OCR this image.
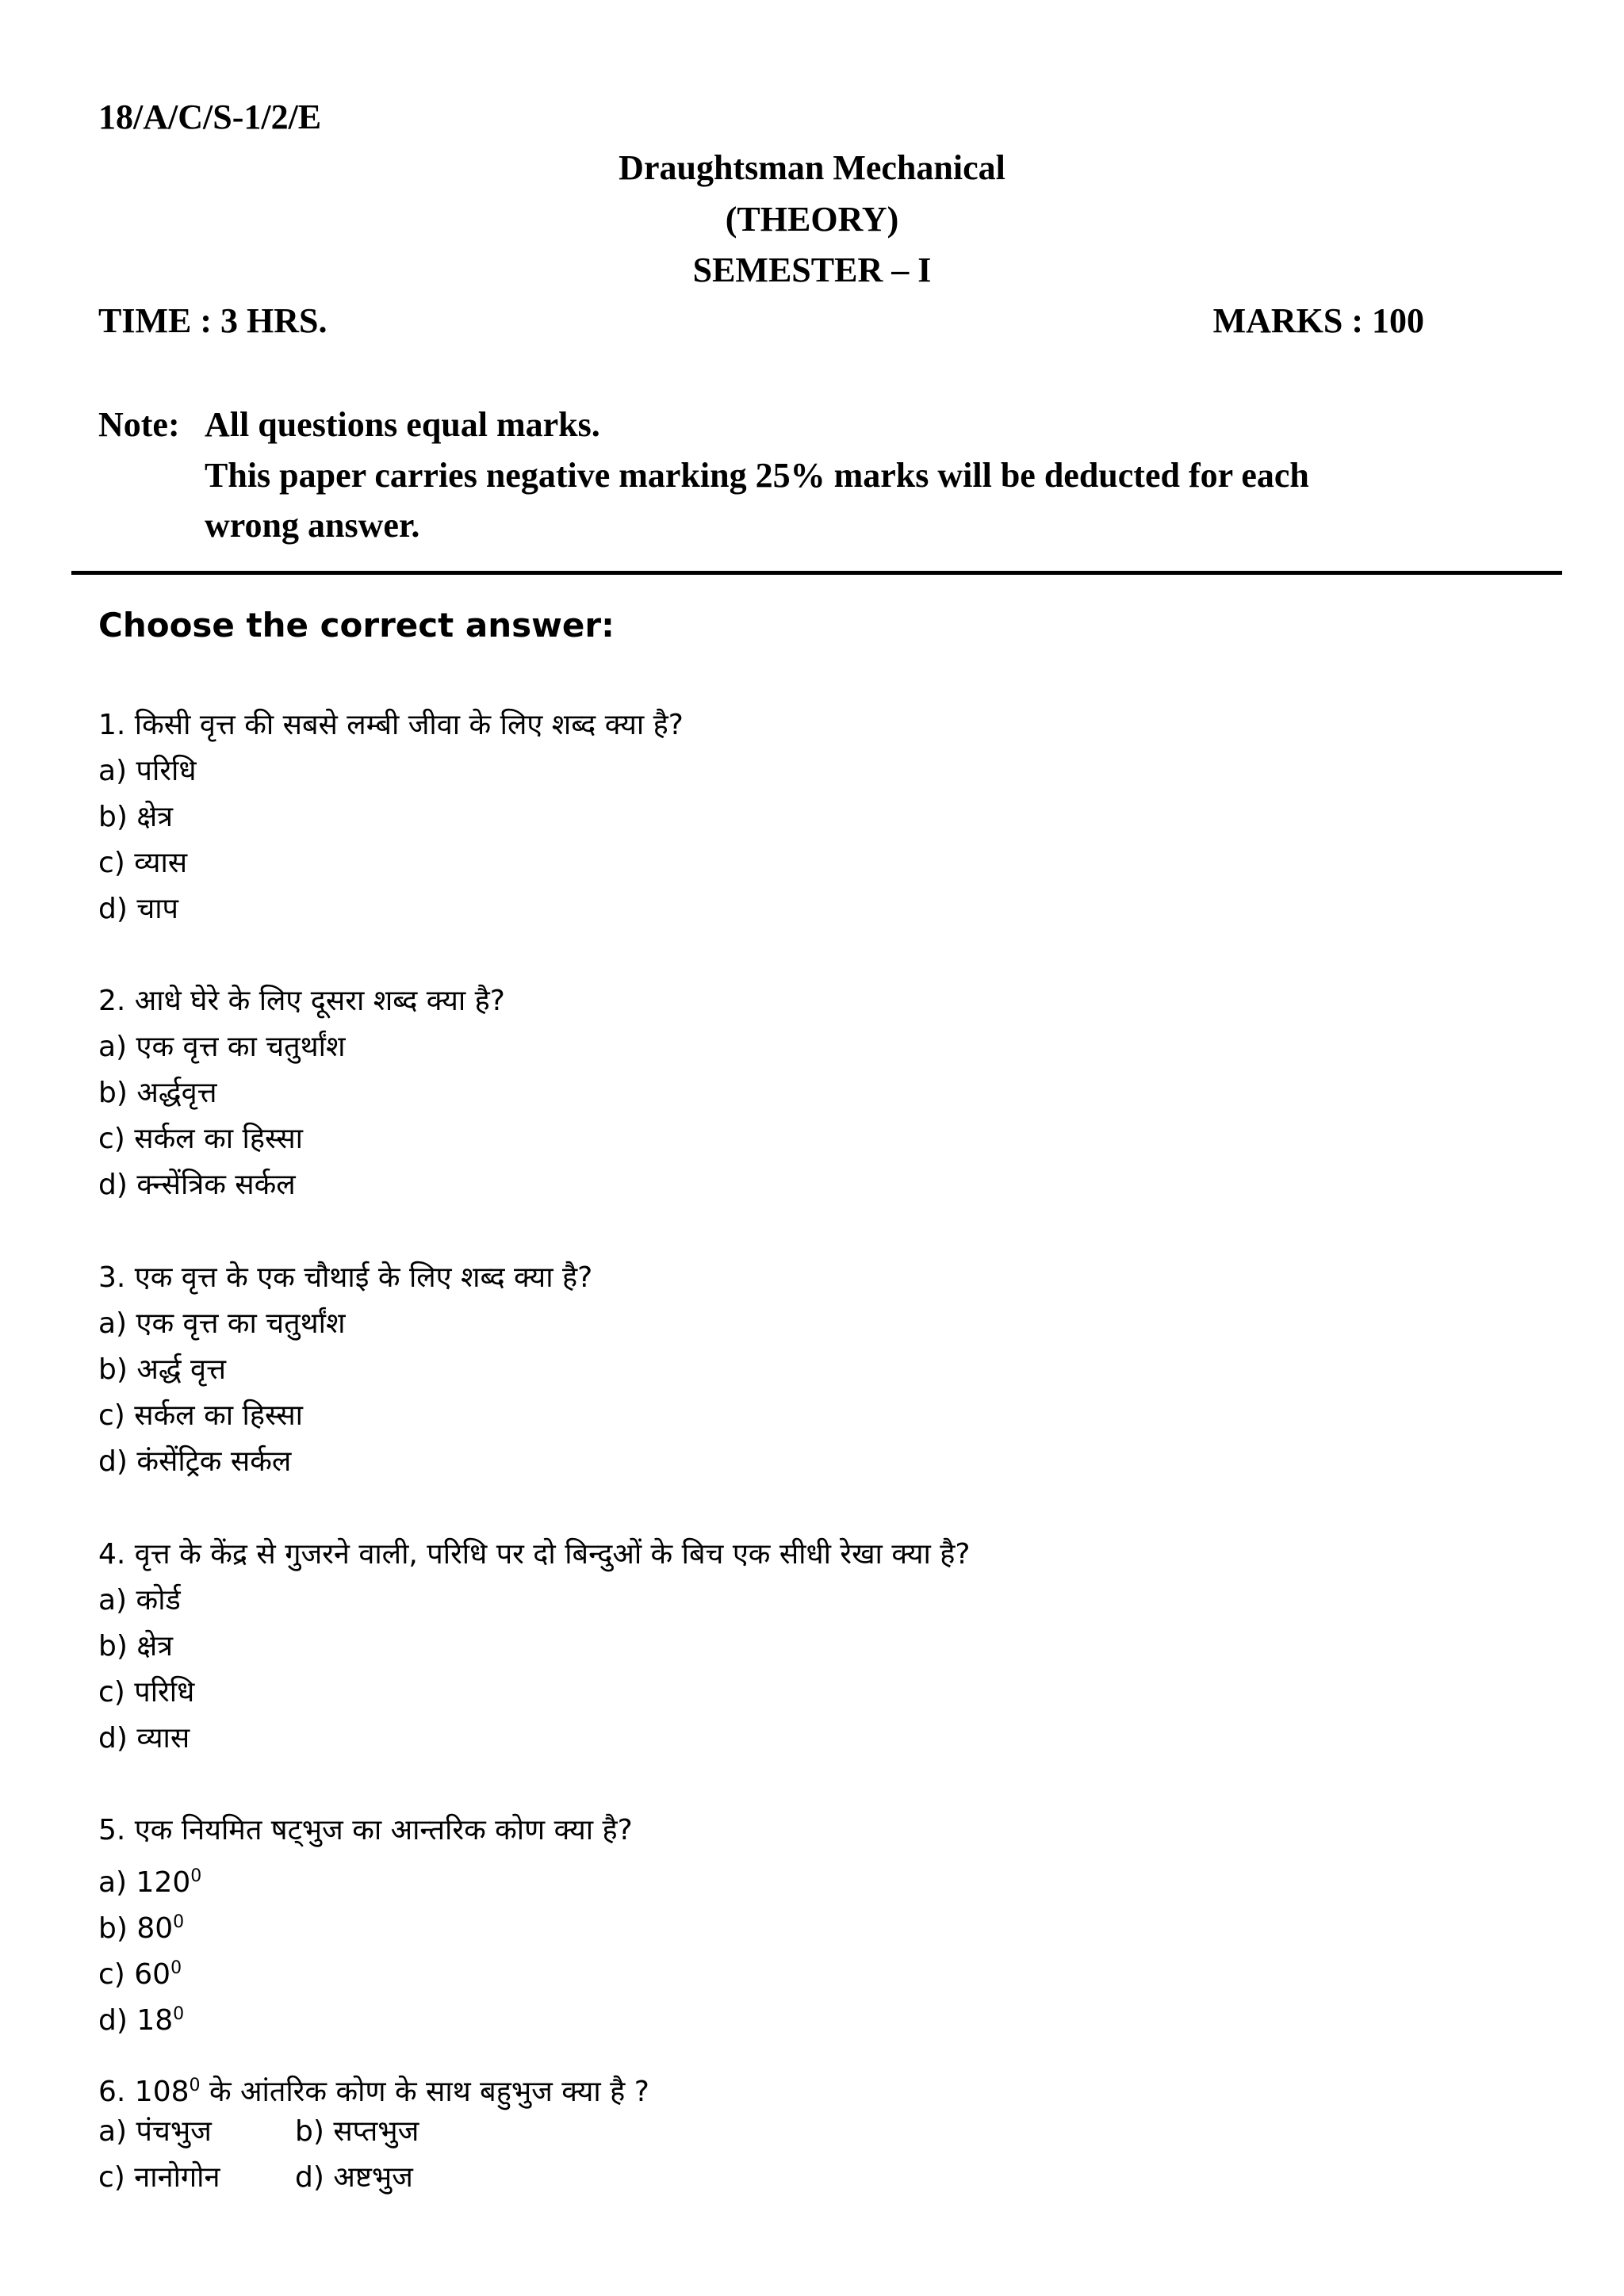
18/A/C/S-1/2/E
Draughtsman Mechanical
(THEORY)
SEMESTER – I
TIME : 3 HRS.	MARKS : 100
Note: All questions equal marks.
This paper carries negative marking 25% marks will be deducted for each
wrong answer.
Choose the correct answer:
1. किसी वृत्त की सबसे लम्बी जीवा के लिए शब्द क्या है?
a) परिधि
b) क्षेत्र
c) व्यास
d) चाप
2. आधे घेरे के लिए दूसरा शब्द क्या है?
a) एक वृत्त का चतुर्थांश
b) अर्द्धवृत्त
c) सर्कल का हिस्सा
d) क्न्सेंत्रिक सर्कल
3. एक वृत्त के एक चौथाई के लिए शब्द क्या है?
a) एक वृत्त का चतुर्थांश
b) अर्द्ध वृत्त
c) सर्कल का हिस्सा
d) कंसेंट्रिक सर्कल
4. वृत्त के केंद्र से गुजरने वाली, परिधि पर दो बिन्दुओं के बिच एक सीधी रेखा क्या है?
a) कोर्ड
b) क्षेत्र
c) परिधि
d) व्यास
5. एक नियमित षट्भुज का आन्तरिक कोण क्या है?
a) $120^0$
b) $80^0$
c) $60^0$
d) $18^0$
6. $108^0$ के आंतरिक कोण के साथ बहुभुज क्या है ?
a) पंचभुज	b) सप्तभुज
c) नानोगोन	d) अष्टभुज
